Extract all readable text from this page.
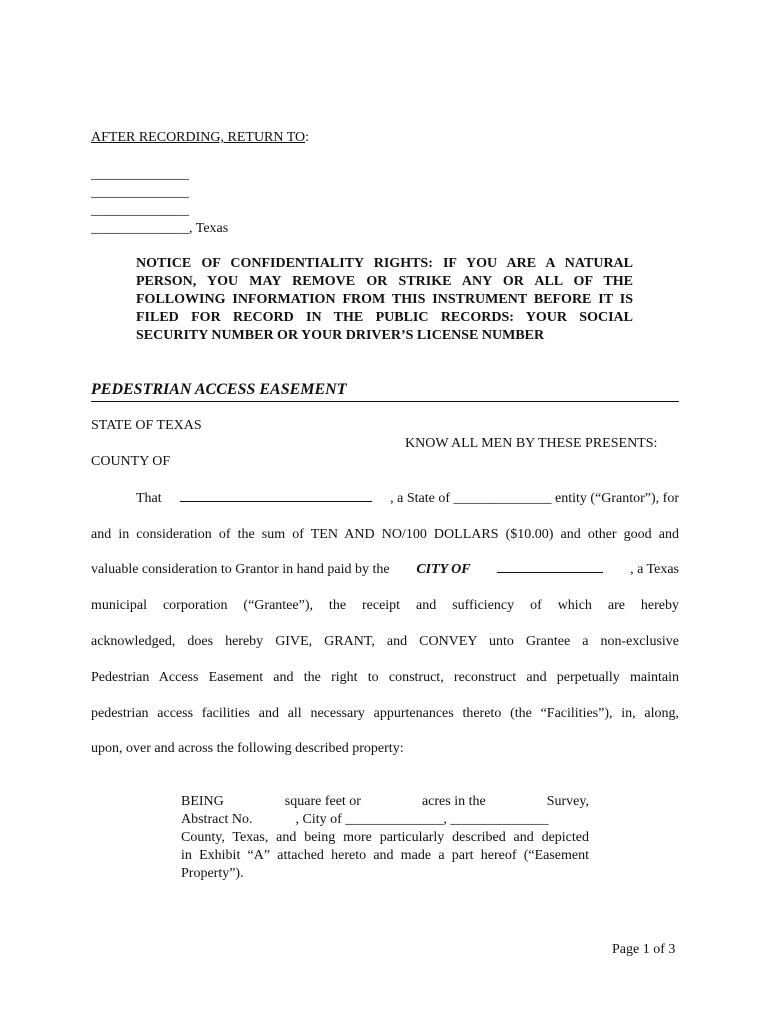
AFTER RECORDING, RETURN TO:
______________
______________
______________
______________, Texas
NOTICE OF CONFIDENTIALITY RIGHTS: IF YOU ARE A NATURAL PERSON, YOU MAY REMOVE OR STRIKE ANY OR ALL OF THE FOLLOWING INFORMATION FROM THIS INSTRUMENT BEFORE IT IS FILED FOR RECORD IN THE PUBLIC RECORDS: YOUR SOCIAL SECURITY NUMBER OR YOUR DRIVER’S LICENSE NUMBER
PEDESTRIAN ACCESS EASEMENT
STATE OF TEXAS
KNOW ALL MEN BY THESE PRESENTS:
COUNTY OF
That	, a State of ______________ entity (“Grantor”), for
and in consideration of the sum of TEN AND NO/100 DOLLARS ($10.00) and other good and
valuable consideration to Grantor in hand paid by the CITY OF	, a Texas
municipal corporation (“Grantee”), the receipt and sufficiency of which are hereby
acknowledged, does hereby GIVE, GRANT, and CONVEY unto Grantee a non-exclusive
Pedestrian Access Easement and the right to construct, reconstruct and perpetually maintain
pedestrian access facilities and all necessary appurtenances thereto (the “Facilities”), in, along,
upon, over and across the following described property:
BEING	square feet or	acres in the	Survey,
Abstract No.	, City of ______________, ______________
County, Texas, and being more particularly described and depicted
in Exhibit “A” attached hereto and made a part hereof (“Easement
Property”).
Page 1 of 3
